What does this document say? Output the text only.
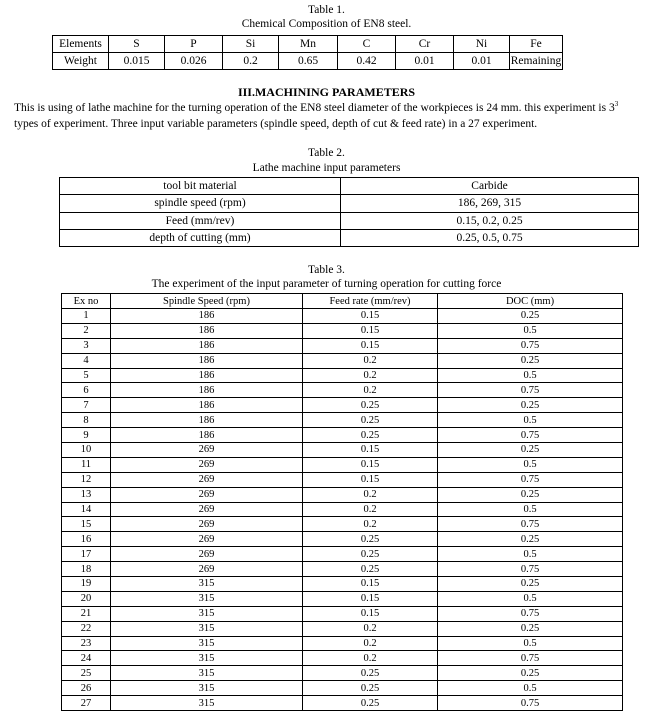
Table 1.
Chemical Composition of EN8 steel.
Elements	S	P	Si	Mn	C	Cr	Ni	Fe
Weight	0.015	0.026	0.2	0.65	0.42	0.01	0.01	Remaining
III.MACHINING PARAMETERS
This is using of lathe machine for the turning operation of the EN8 steel diameter of the workpieces is 24 mm. this experiment is $3^3$ types of experiment. Three input variable parameters (spindle speed, depth of cut & feed rate) in a 27 experiment.
Table 2.
Lathe machine input parameters
tool bit material	Carbide
spindle speed (rpm)	186, 269, 315
Feed (mm/rev)	0.15, 0.2, 0.25
depth of cutting (mm)	0.25, 0.5, 0.75
Table 3.
The experiment of the input parameter of turning operation for cutting force
Ex no	Spindle Speed (rpm)	Feed rate (mm/rev)	DOC (mm)
1	186	0.15	0.25
2	186	0.15	0.5
3	186	0.15	0.75
4	186	0.2	0.25
5	186	0.2	0.5
6	186	0.2	0.75
7	186	0.25	0.25
8	186	0.25	0.5
9	186	0.25	0.75
10	269	0.15	0.25
11	269	0.15	0.5
12	269	0.15	0.75
13	269	0.2	0.25
14	269	0.2	0.5
15	269	0.2	0.75
16	269	0.25	0.25
17	269	0.25	0.5
18	269	0.25	0.75
19	315	0.15	0.25
20	315	0.15	0.5
21	315	0.15	0.75
22	315	0.2	0.25
23	315	0.2	0.5
24	315	0.2	0.75
25	315	0.25	0.25
26	315	0.25	0.5
27	315	0.25	0.75
